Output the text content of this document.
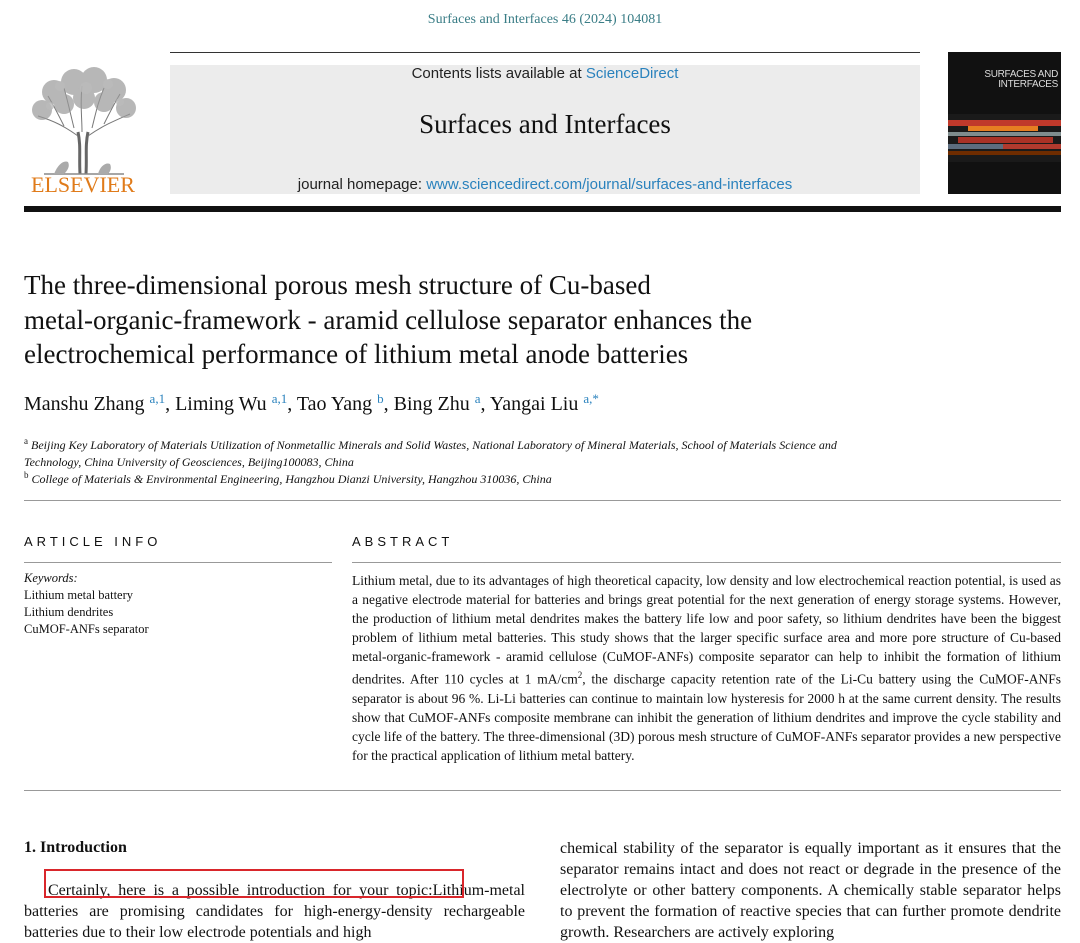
Surfaces and Interfaces 46 (2024) 104081
ELSEVIER
Contents lists available at ScienceDirect
Surfaces and Interfaces
journal homepage: www.sciencedirect.com/journal/surfaces-and-interfaces
SURFACES AND
INTERFACES
The three-dimensional porous mesh structure of Cu-based
metal-organic-framework - aramid cellulose separator enhances the
electrochemical performance of lithium metal anode batteries
Manshu Zhang $^{a,1}$, Liming Wu $^{a,1}$, Tao Yang $^b$, Bing Zhu $^a$, Yangai Liu $^{a,*}$
$^a$ Beijing Key Laboratory of Materials Utilization of Nonmetallic Minerals and Solid Wastes, National Laboratory of Mineral Materials, School of Materials Science and
Technology, China University of Geosciences, Beijing100083, China
$^b$ College of Materials & Environmental Engineering, Hangzhou Dianzi University, Hangzhou 310036, China
ARTICLE INFO	ABSTRACT
Keywords:
Lithium metal battery
Lithium dendrites
CuMOF-ANFs separator
Lithium metal, due to its advantages of high theoretical capacity, low density and low electrochemical reaction potential, is used as a negative electrode material for batteries and brings great potential for the next generation of energy storage systems. However, the production of lithium metal dendrites makes the battery life low and poor safety, so lithium dendrites have been the biggest problem of lithium metal batteries. This study shows that the larger specific surface area and more pore structure of Cu-based metal-organic-framework - aramid cellulose (CuMOF-ANFs) composite separator can help to inhibit the formation of lithium dendrites. After 110 cycles at 1 $mA/cm^2$, the discharge capacity retention rate of the Li-Cu battery using the CuMOF-ANFs separator is about 96 %. Li-Li batteries can continue to maintain low hysteresis for 2000 h at the same current density. The results show that CuMOF-ANFs composite membrane can inhibit the generation of lithium dendrites and improve the cycle stability and cycle life of the battery. The three-dimensional (3D) porous mesh structure of CuMOF-ANFs separator provides a new perspective for the practical application of lithium metal battery.
1. Introduction
Certainly, here is a possible introduction for your topic:Lithium-metal batteries are promising candidates for high-energy-density rechargeable batteries due to their low electrode potentials and high
chemical stability of the separator is equally important as it ensures that the separator remains intact and does not react or degrade in the presence of the electrolyte or other battery components. A chemically stable separator helps to prevent the formation of reactive species that can further promote dendrite growth. Researchers are actively exploring
